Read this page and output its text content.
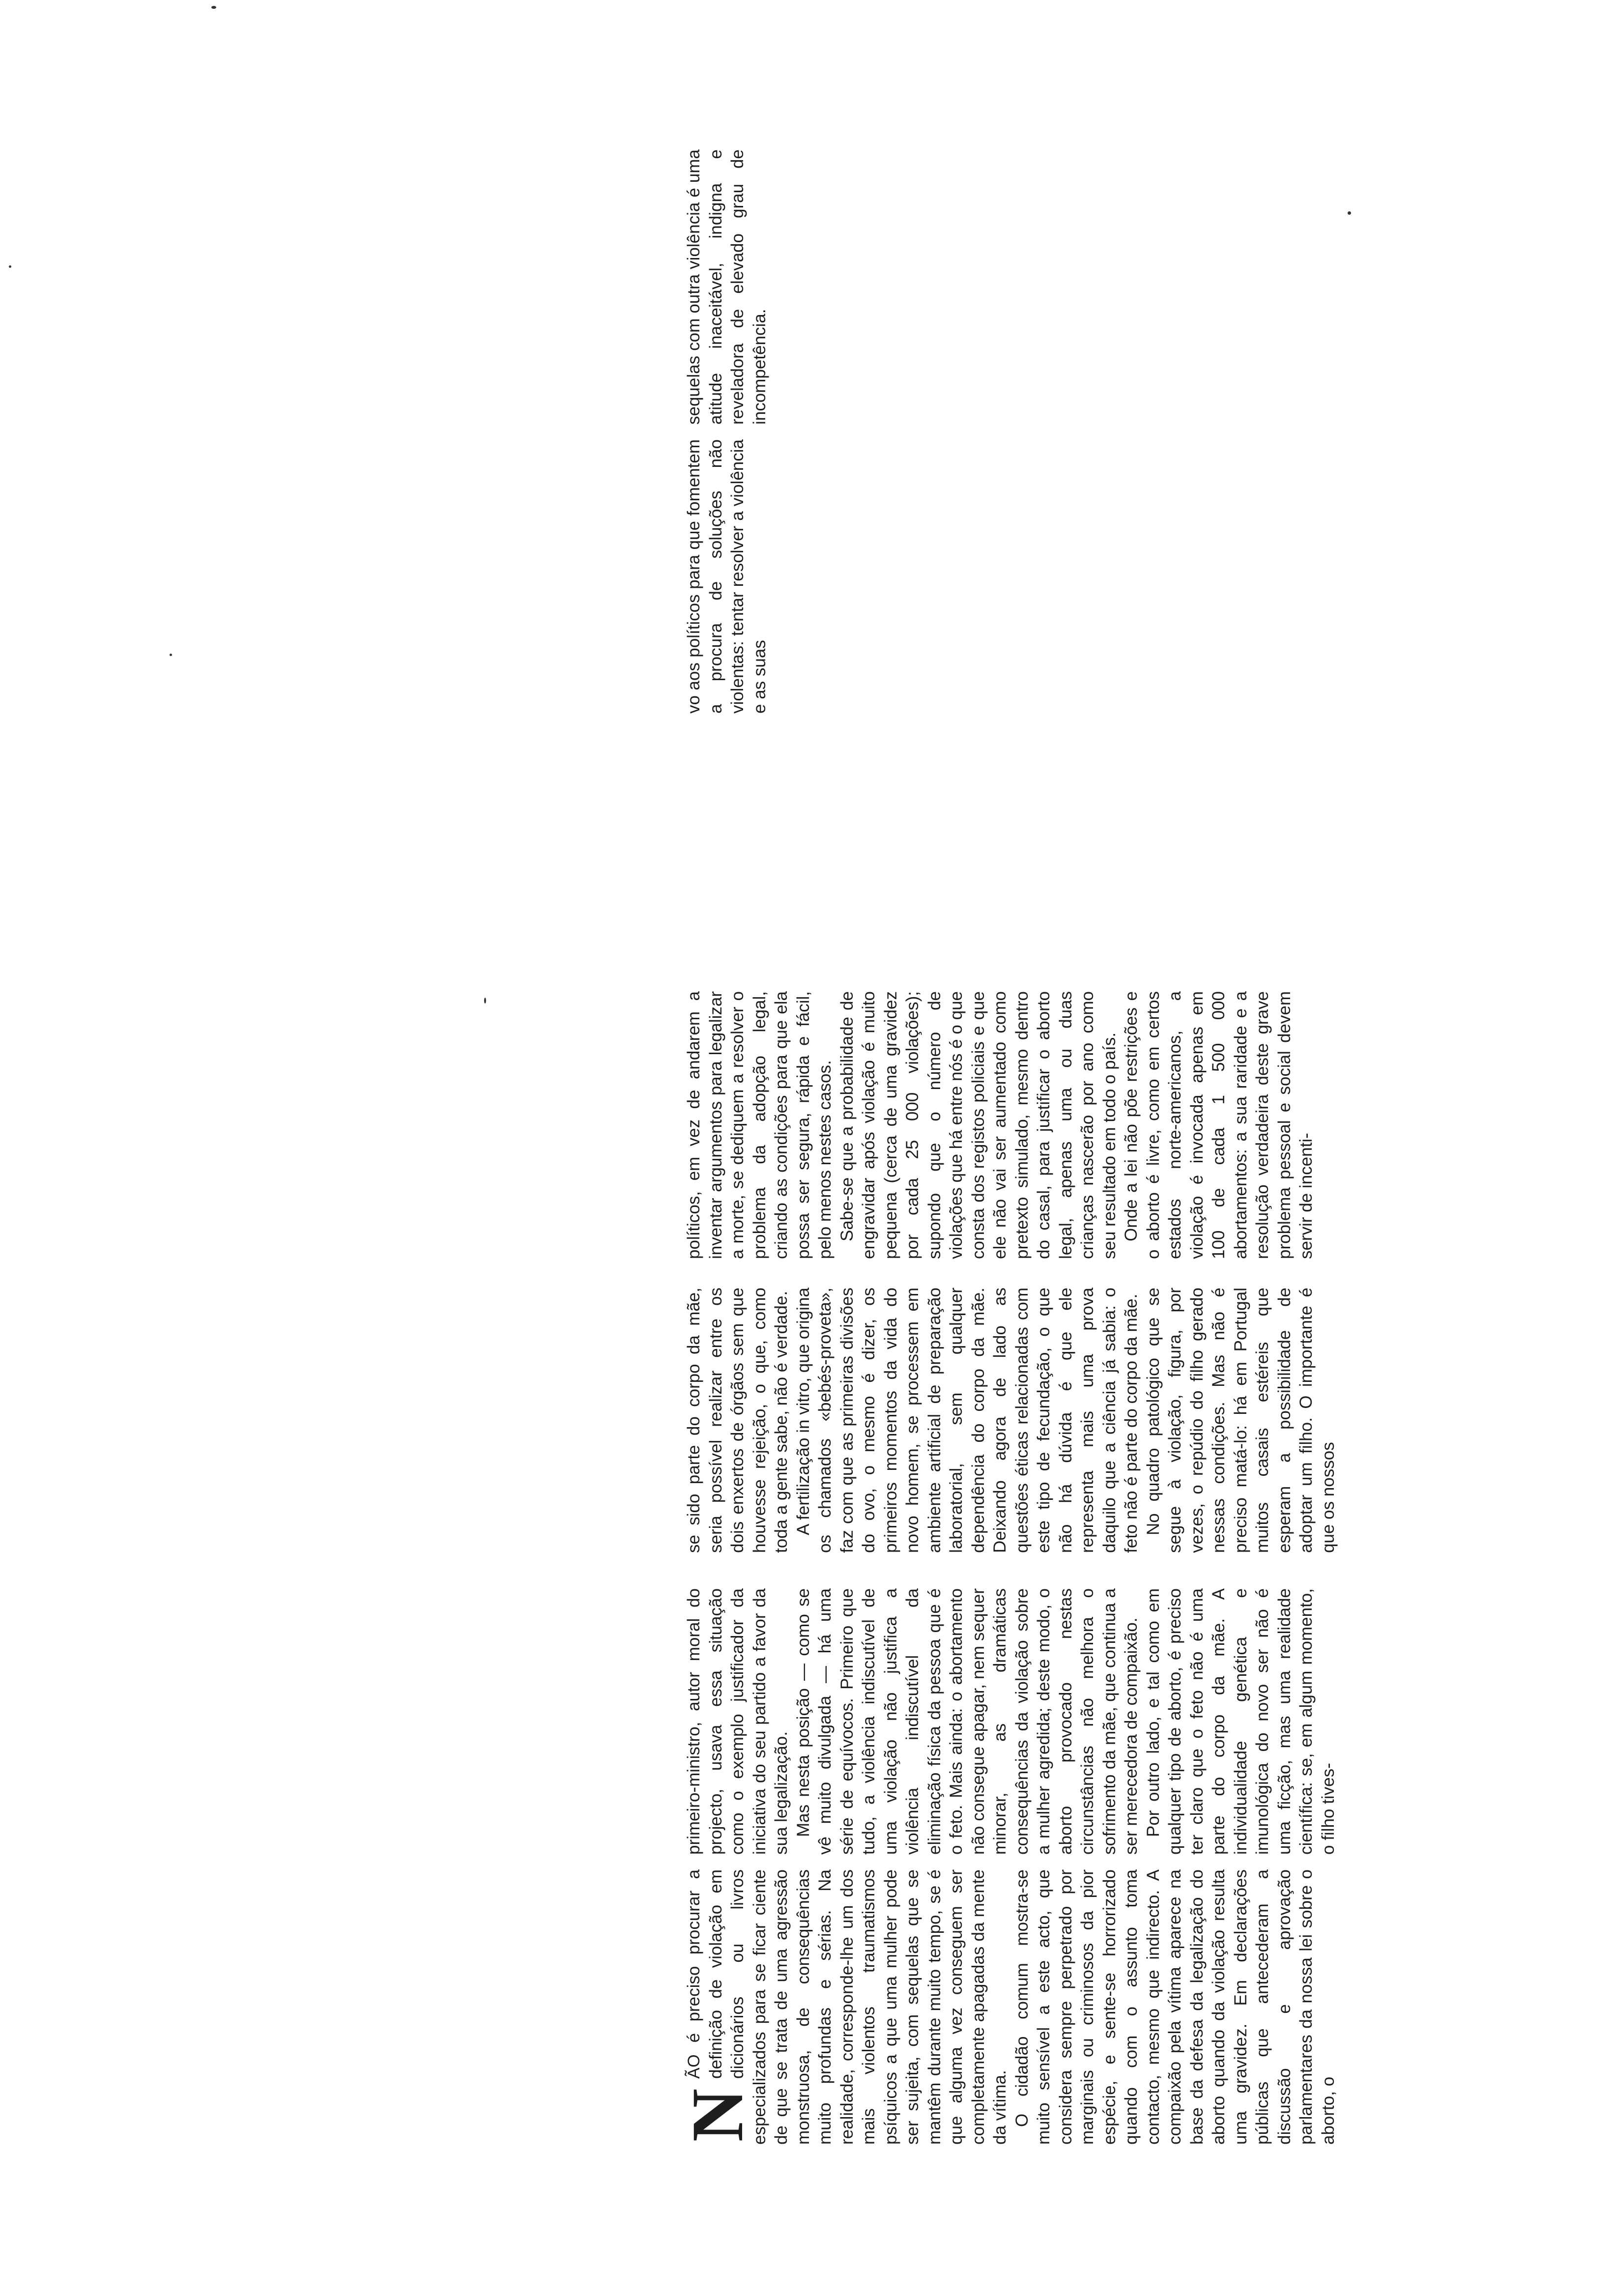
N

ÃO é preciso procurar a definição de violação em dicionários ou livros especializados para se ficar ciente de que se trata de uma agressão monstruosa, de consequências muito profundas e sérias. Na realidade, corresponde-lhe um dos mais violentos traumatismos psíquicos a que uma mulher pode ser sujeita, com sequelas que se mantêm durante muito tempo, se é que alguma vez conseguem ser completamente apagadas da mente da vítima. O cidadão comum mostra-se muito sensível a este acto, que considera sempre perpetrado por marginais ou criminosos da pior espécie, e sente-se horrorizado quando com o assunto toma contacto, mesmo que indirecto. A compaixão pela vítima aparece na base da defesa da legalização do aborto quando da violação resulta uma gravidez. Em declarações públicas que antecederam a discussão e aprovação parlamentares da nossa lei sobre o aborto, o

primeiro-ministro, autor moral do projecto, usava essa situação como o exemplo justificador da iniciativa do seu partido a favor da sua legalização. Mas nesta posição — como se vê muito divulgada — há uma série de equívocos. Primeiro que tudo, a violência indiscutível de uma violação não justifica a violência indiscutível da eliminação física da pessoa que é o feto. Mais ainda: o abortamento não consegue apagar, nem sequer minorar, as dramáticas consequências da violação sobre a mulher agredida; deste modo, o aborto provocado nestas circunstâncias não melhora o sofrimento da mãe, que continua a ser merecedora de compaixão. Por outro lado, e tal como em qualquer tipo de aborto, é preciso ter claro que o feto não é uma parte do corpo da mãe. A individualidade genética e imunológica do novo ser não é uma ficção, mas uma realidade científica: se, em algum momento, o filho tives-

se sido parte do corpo da mãe, seria possível realizar entre os dois enxertos de órgãos sem que houvesse rejeição, o que, como toda a gente sabe, não é verdade. A fertilização in vitro, que origina os chamados «bebés-proveta», faz com que as primeiras divisões do ovo, o mesmo é dizer, os primeiros momentos da vida do novo homem, se processem em ambiente artificial de preparação laboratorial, sem qualquer dependência do corpo da mãe. Deixando agora de lado as questões éticas relacionadas com este tipo de fecundação, o que não há dúvida é que ele representa mais uma prova daquilo que a ciência já sabia: o feto não é parte do corpo da mãe. No quadro patológico que se segue à violação, figura, por vezes, o repúdio do filho gerado nessas condições. Mas não é preciso matá-lo: há em Portugal muitos casais estéreis que esperam a possibilidade de adoptar um filho. O importante é que os nossos

políticos, em vez de andarem a inventar argumentos para legalizar a morte, se dediquem a resolver o problema da adopção legal, criando as condições para que ela possa ser segura, rápida e fácil, pelo menos nestes casos. Sabe-se que a probabilidade de engravidar após violação é muito pequena (cerca de uma gravidez por cada 25 000 violações); supondo que o número de violações que há entre nós é o que consta dos registos policiais e que ele não vai ser aumentado como pretexto simulado, mesmo dentro do casal, para justificar o aborto legal, apenas uma ou duas crianças nascerão por ano como seu resultado em todo o país. Onde a lei não põe restrições e o aborto é livre, como em certos estados norte-americanos, a violação é invocada apenas em 100 de cada 1 500 000 abortamentos: a sua raridade e a resolução verdadeira deste grave problema pessoal e social devem servir de incenti-

vo aos políticos para que fomentem a procura de soluções não violentas: tentar resolver a violência e as suas

sequelas com outra violência é uma atitude inaceitável, indigna e reveladora de elevado grau de incompetência.
